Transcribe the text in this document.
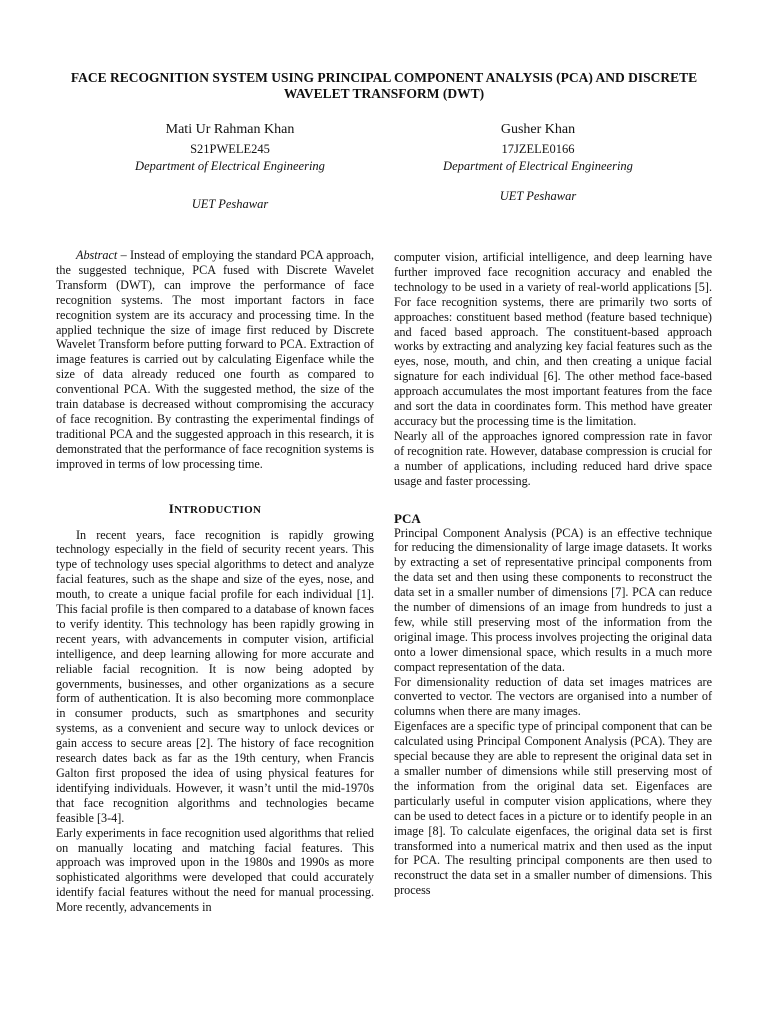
FACE RECOGNITION SYSTEM USING PRINCIPAL COMPONENT ANALYSIS (PCA) AND DISCRETE WAVELET TRANSFORM (DWT)
Mati Ur Rahman Khan
S21PWELE245
Department of Electrical Engineering
UET Peshawar
Gusher Khan
17JZELE0166
Department of Electrical Engineering
UET Peshawar

Abstract – Instead of employing the standard PCA approach, the suggested technique, PCA fused with Discrete Wavelet Transform (DWT), can improve the performance of face recognition systems. The most important factors in face recognition system are its accuracy and processing time. In the applied technique the size of image first reduced by Discrete Wavelet Transform before putting forward to PCA. Extraction of image features is carried out by calculating Eigenface while the size of data already reduced one fourth as compared to conventional PCA. With the suggested method, the size of the train database is decreased without compromising the accuracy of face recognition. By contrasting the experimental findings of traditional PCA and the suggested approach in this research, it is demonstrated that the performance of face recognition systems is improved in terms of low processing time.

INTRODUCTION

In recent years, face recognition is rapidly growing technology especially in the field of security recent years. This type of technology uses special algorithms to detect and analyze facial features, such as the shape and size of the eyes, nose, and mouth, to create a unique facial profile for each individual [1]. This facial profile is then compared to a database of known faces to verify identity. This technology has been rapidly growing in recent years, with advancements in computer vision, artificial intelligence, and deep learning allowing for more accurate and reliable facial recognition. It is now being adopted by governments, businesses, and other organizations as a secure form of authentication. It is also becoming more commonplace in consumer products, such as smartphones and security systems, as a convenient and secure way to unlock devices or gain access to secure areas [2]. The history of face recognition research dates back as far as the 19th century, when Francis Galton first proposed the idea of using physical features for identifying individuals. However, it wasn’t until the mid-1970s that face recognition algorithms and technologies became feasible [3-4].

Early experiments in face recognition used algorithms that relied on manually locating and matching facial features. This approach was improved upon in the 1980s and 1990s as more sophisticated algorithms were developed that could accurately identify facial features without the need for manual processing. More recently, advancements in

computer vision, artificial intelligence, and deep learning have further improved face recognition accuracy and enabled the technology to be used in a variety of real-world applications [5]. For face recognition systems, there are primarily two sorts of approaches: constituent based method (feature based technique) and faced based approach. The constituent-based approach works by extracting and analyzing key facial features such as the eyes, nose, mouth, and chin, and then creating a unique facial signature for each individual [6]. The other method face-based approach accumulates the most important features from the face and sort the data in coordinates form. This method have greater accuracy but the processing time is the limitation.

Nearly all of the approaches ignored compression rate in favor of recognition rate. However, database compression is crucial for a number of applications, including reduced hard drive space usage and faster processing.

PCA

Principal Component Analysis (PCA) is an effective technique for reducing the dimensionality of large image datasets. It works by extracting a set of representative principal components from the data set and then using these components to reconstruct the data set in a smaller number of dimensions [7]. PCA can reduce the number of dimensions of an image from hundreds to just a few, while still preserving most of the information from the original image. This process involves projecting the original data onto a lower dimensional space, which results in a much more compact representation of the data.

For dimensionality reduction of data set images matrices are converted to vector. The vectors are organised into a number of columns when there are many images.

Eigenfaces are a specific type of principal component that can be calculated using Principal Component Analysis (PCA). They are special because they are able to represent the original data set in a smaller number of dimensions while still preserving most of the information from the original data set. Eigenfaces are particularly useful in computer vision applications, where they can be used to detect faces in a picture or to identify people in an image [8]. To calculate eigenfaces, the original data set is first transformed into a numerical matrix and then used as the input for PCA. The resulting principal components are then used to reconstruct the data set in a smaller number of dimensions. This process
